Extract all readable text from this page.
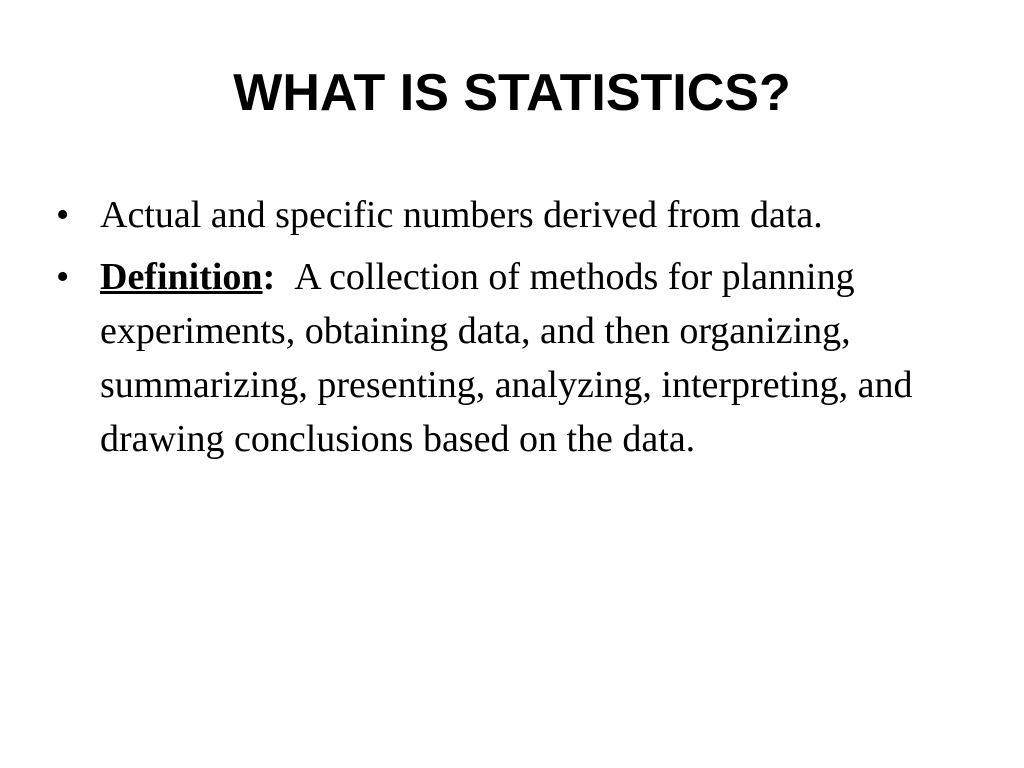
WHAT IS STATISTICS?
• Actual and specific numbers derived from data.
• Definition: A collection of methods for planning experiments, obtaining data, and then organizing, summarizing, presenting, analyzing, interpreting, and drawing conclusions based on the data.
